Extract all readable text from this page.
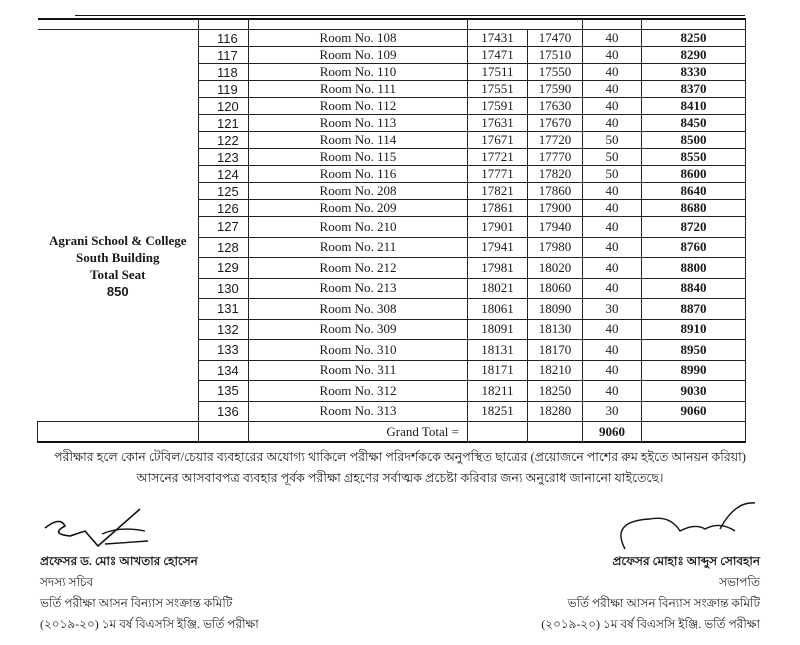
Agrani School & College
South Building
Total Seat
850	116	Room No. 108	17431	17470	40	8250
	117	Room No. 109	17471	17510	40	8290
	118	Room No. 110	17511	17550	40	8330
	119	Room No. 111	17551	17590	40	8370
	120	Room No. 112	17591	17630	40	8410
	121	Room No. 113	17631	17670	40	8450
	122	Room No. 114	17671	17720	50	8500
	123	Room No. 115	17721	17770	50	8550
	124	Room No. 116	17771	17820	50	8600
	125	Room No. 208	17821	17860	40	8640
	126	Room No. 209	17861	17900	40	8680
	127	Room No. 210	17901	17940	40	8720
	128	Room No. 211	17941	17980	40	8760
	129	Room No. 212	17981	18020	40	8800
	130	Room No. 213	18021	18060	40	8840
	131	Room No. 308	18061	18090	30	8870
	132	Room No. 309	18091	18130	40	8910
	133	Room No. 310	18131	18170	40	8950
	134	Room No. 311	18171	18210	40	8990
	135	Room No. 312	18211	18250	40	9030
	136	Room No. 313	18251	18280	30	9060
		Grand Total =			9060	
পরীক্ষার হলে কোন টেবিল/চেয়ার ব্যবহারের অযোগ্য থাকিলে পরীক্ষা পরিদর্শককে অনুপস্থিত ছাত্রের (প্রয়োজনে পাশের রুম হইতে আনয়ন করিয়া)
আসনের আসবাবপত্র ব্যবহার পূর্বক পরীক্ষা গ্রহণের সর্বাত্মক প্রচেষ্টা করিবার জন্য অনুরোধ জানানো যাইতেছে।
প্রফেসর ড. মোঃ আখতার হোসেন
সদস্য সচিব
ভর্তি পরীক্ষা আসন বিন্যাস সংক্রান্ত কমিটি
(২০১৯-২০) ১ম বর্ষ বিএসসি ইঞ্জি. ভর্তি পরীক্ষা
প্রফেসর মোহাঃ আব্দুস সোবহান
সভাপতি
ভর্তি পরীক্ষা আসন বিন্যাস সংক্রান্ত কমিটি
(২০১৯-২০) ১ম বর্ষ বিএসসি ইঞ্জি. ভর্তি পরীক্ষা
